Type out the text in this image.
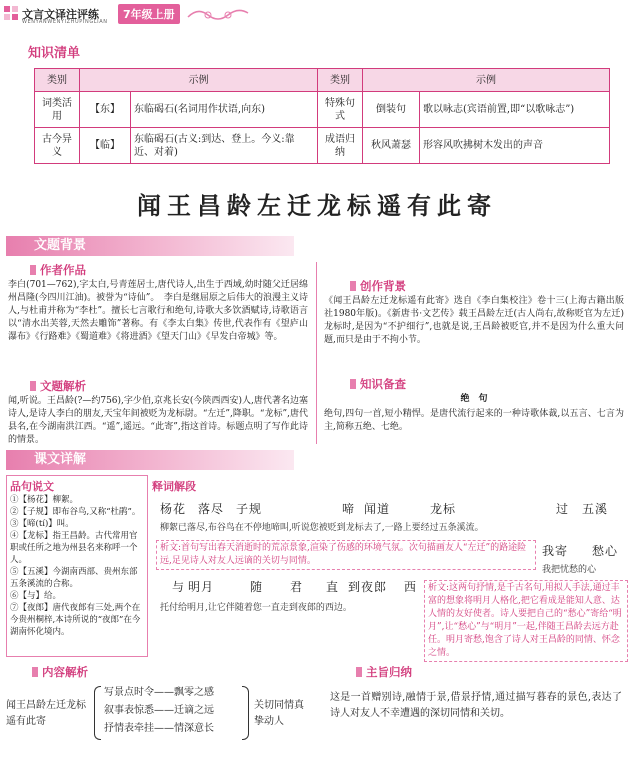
文言文译注评练
WENYANWENYIZHUPINGLIAN
7年级上册
知识清单
类别	示例		类别	示例	
词类活用	【东】	东临碣石(名词用作状语,向东)	特殊句式	倒装句	歌以咏志(宾语前置,即“以歌咏志”)
古今异义	【临】	东临碣石(古义:到达、登上。今义:靠近、对着)	成语归纳	秋风萧瑟	形容风吹拂树木发出的声音
闻王昌龄左迁龙标遥有此寄
文题背景
作者作品
李白(701—762),字太白,号青莲居士,唐代诗人,出生于西域,幼时随父迁居绵州昌隆(今四川江油)。被誉为“诗仙”。　李白是继屈原之后伟大的浪漫主义诗人,与杜甫并称为“李杜”。擅长七言歌行和绝句,诗歌大多饮酒赋诗,诗歌语言以“清水出芙蓉,天然去雕饰”著称。有《李太白集》传世,代表作有《望庐山瀑布》《行路难》《蜀道难》《将进酒》《望天门山》《早发白帝城》等。
文题解析
闻,听说。王昌龄(?—约756),字少伯,京兆长安(今陕西西安)人,唐代著名边塞诗人,是诗人李白的朋友,天宝年间被贬为龙标尉。“左迁”,降职。“龙标”,唐代县名,在今湖南洪江西。“遥”,遥远。“此寄”,指这首诗。标题点明了写作此诗的情景。
创作背景
《闻王昌龄左迁龙标遥有此寄》选自《李白集校注》卷十三(上海古籍出版社1980年版)。《新唐书·文艺传》载王昌龄左迁(古人尚右,故称贬官为左迁)龙标时,是因为“不护细行”,也就是说,王昌龄被贬官,并不是因为什么重大问题,而只是由于不拘小节。
知识备查
绝　句
绝句,四句一首,短小精悍。是唐代流行起来的一种诗歌体裁,以五言、七言为主,简称五绝、七绝。
课文详解
品句说文
①【杨花】柳絮。
②【子规】即布谷鸟,又称“杜鹃”。
③【啼(tí)】叫。
④【龙标】指王昌龄。古代常用官职或任所之地为州县名来称呼一个人。
⑤【五溪】今湖南西部、贵州东部五条溪流的合称。
⑥【与】给。
⑦【夜郎】唐代夜郎有三处,两个在今贵州桐梓,本诗所说的“夜郎”在今湖南怀化境内。
释词解段
杨花 落尽 子规	啼 闻道	龙标	过 五溪
柳絮已落尽,布谷鸟在不停地啼叫,听说您被贬到龙标去了,一路上要经过五条溪流。
析文:首句写出春天消逝时的荒凉景象,渲染了伤感的环境气氛。次句描画友人“左迁”的路途险远,足见诗人对友人远谪的关切与同情。
我寄 愁心
我把忧愁的心
与 明月	随 君 直 到夜郎 西
托付给明月,让它伴随着您一直走到夜郎的西边。
析文:这两句抒情,是千古名句,用拟人手法,通过丰富的想象将明月人格化,把它看成是能知人意、达人情的友好使者。诗人要把自己的“愁心”寄给“明月”,让“愁心”与“明月”一起,伴随王昌龄去远方赴任。明月寄愁,饱含了诗人对王昌龄的同情、怀念之情。
内容解析
闻王昌龄左迁龙标遥有此寄
写景点时令——飘零之感
叙事表惊悉——迁谪之远
抒情表牵挂——情深意长
关切同情真挚动人
主旨归纳
这是一首赠别诗,融情于景,借景抒情,通过描写暮春的景色,表达了诗人对友人不幸遭遇的深切同情和关切。
